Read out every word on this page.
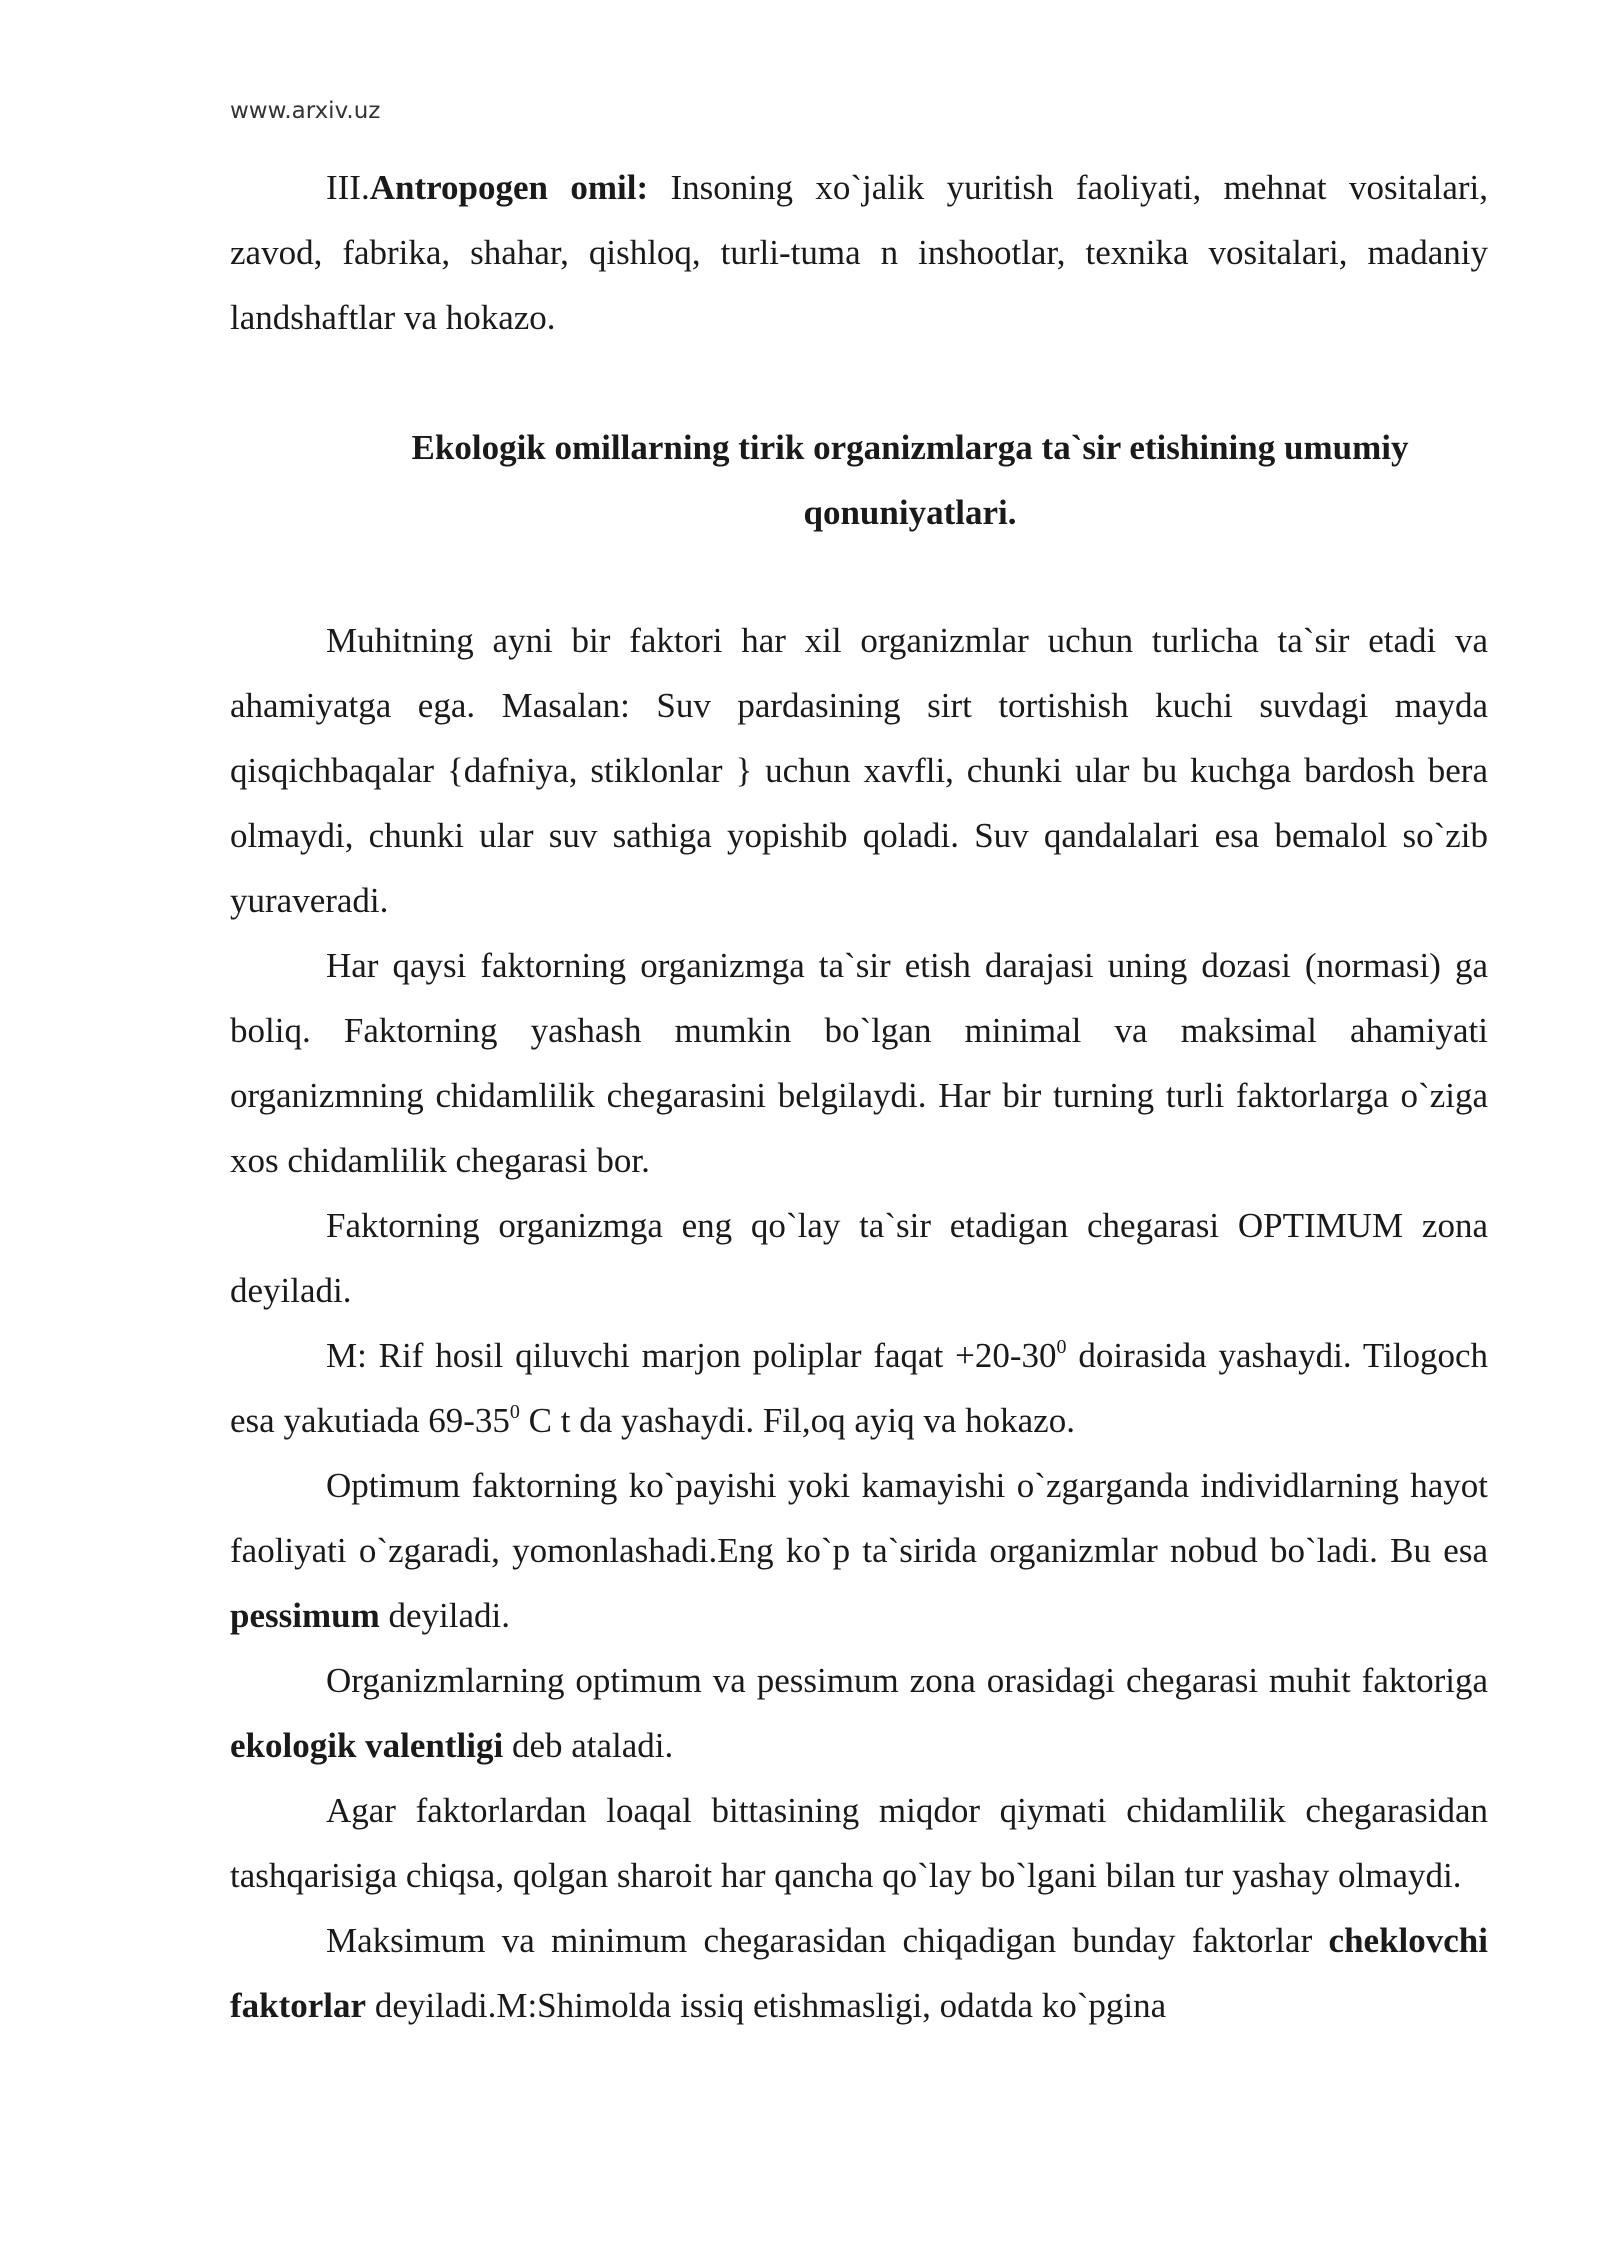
www.arxiv.uz

III.Antropogen omil: Insoning xo`jalik yuritish faoliyati, mehnat vositalari, zavod, fabrika, shahar, qishloq, turli-tuma n inshootlar, texnika vositalari, madaniy landshaftlar va hokazo.

Ekologik omillarning tirik organizmlarga ta`sir etishining umumiy qonuniyatlari.

Muhitning ayni bir faktori har xil organizmlar uchun turlicha ta`sir etadi va ahamiyatga ega. Masalan: Suv pardasining sirt tortishish kuchi suvdagi mayda qisqichbaqalar {dafniya, stiklonlar } uchun xavfli, chunki ular bu kuchga bardosh bera olmaydi, chunki ular suv sathiga yopishib qoladi. Suv qandalalari esa bemalol so`zib yuraveradi.

Har qaysi faktorning organizmga ta`sir etish darajasi uning dozasi (normasi) ga boliq. Faktorning yashash mumkin bo`lgan minimal va maksimal ahamiyati organizmning chidamlilik chegarasini belgilaydi. Har bir turning turli faktorlarga o`ziga xos chidamlilik chegarasi bor.

Faktorning organizmga eng qo`lay ta`sir etadigan chegarasi OPTIMUM zona deyiladi.

M: Rif hosil qiluvchi marjon poliplar faqat $+20-30^0$ doirasida yashaydi. Tilogoch esa yakutiada $69-35^0$ C t da yashaydi. Fil,oq ayiq va hokazo.

Optimum faktorning ko`payishi yoki kamayishi o`zgarganda individlarning hayot faoliyati o`zgaradi, yomonlashadi.Eng ko`p ta`sirida organizmlar nobud bo`ladi. Bu esa pessimum deyiladi.

Organizmlarning optimum va pessimum zona orasidagi chegarasi muhit faktoriga ekologik valentligi deb ataladi.

Agar faktorlardan loaqal bittasining miqdor qiymati chidamlilik chegarasidan tashqarisiga chiqsa, qolgan sharoit har qancha qo`lay bo`lgani bilan tur yashay olmaydi.

Maksimum va minimum chegarasidan chiqadigan bunday faktorlar cheklovchi faktorlar deyiladi.M:Shimolda issiq etishmasligi, odatda ko`pgina
